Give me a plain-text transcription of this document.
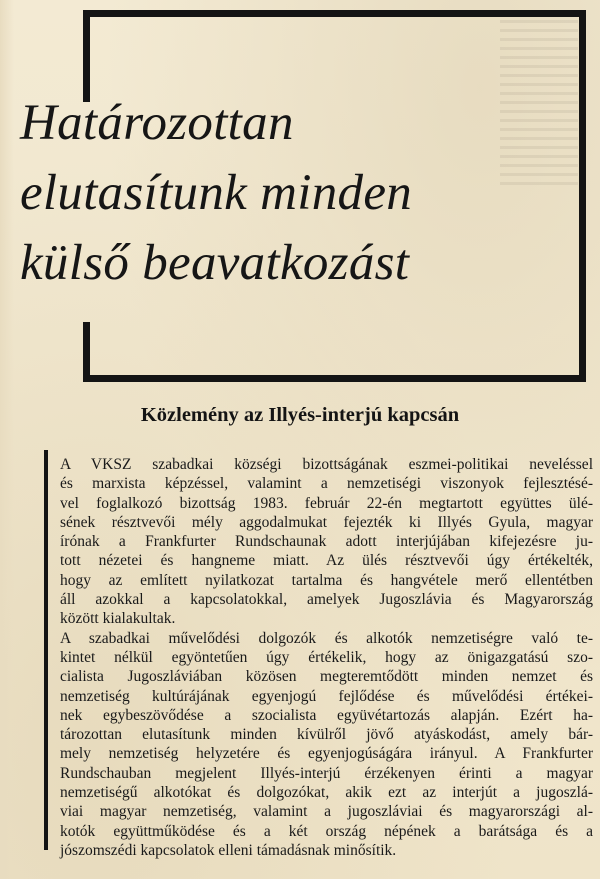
Határozottan
elutasítunk minden
külső beavatkozást
Közlemény az Illyés-interjú kapcsán
A VKSZ szabadkai községi bizottságának eszmei-politikai neveléssel
és marxista képzéssel, valamint a nemzetiségi viszonyok fejlesztésé-
vel foglalkozó bizottság 1983. február 22-én megtartott együttes ülé-
sének résztvevői mély aggodalmukat fejezték ki Illyés Gyula, magyar
írónak a Frankfurter Rundschaunak adott interjújában kifejezésre ju-
tott nézetei és hangneme miatt. Az ülés résztvevői úgy értékelték,
hogy az említett nyilatkozat tartalma és hangvétele merő ellentétben
áll azokkal a kapcsolatokkal, amelyek Jugoszlávia és Magyarország
között kialakultak.
A szabadkai művelődési dolgozók és alkotók nemzetiségre való te-
kintet nélkül egyöntetűen úgy értékelik, hogy az önigazgatású szo-
cialista Jugoszláviában közösen megteremtődött minden nemzet és
nemzetiség kultúrájának egyenjogú fejlődése és művelődési értékei-
nek egybeszövődése a szocialista együvétartozás alapján. Ezért ha-
tározottan elutasítunk minden kívülről jövő atyáskodást, amely bár-
mely nemzetiség helyzetére és egyenjogúságára irányul. A Frankfurter
Rundschauban megjelent Illyés-interjú érzékenyen érinti a magyar
nemzetiségű alkotókat és dolgozókat, akik ezt az interjút a jugoszlá-
viai magyar nemzetiség, valamint a jugoszláviai és magyarországi al-
kotók együttműködése és a két ország népének a barátsága és a
jószomszédi kapcsolatok elleni támadásnak minősítik.
